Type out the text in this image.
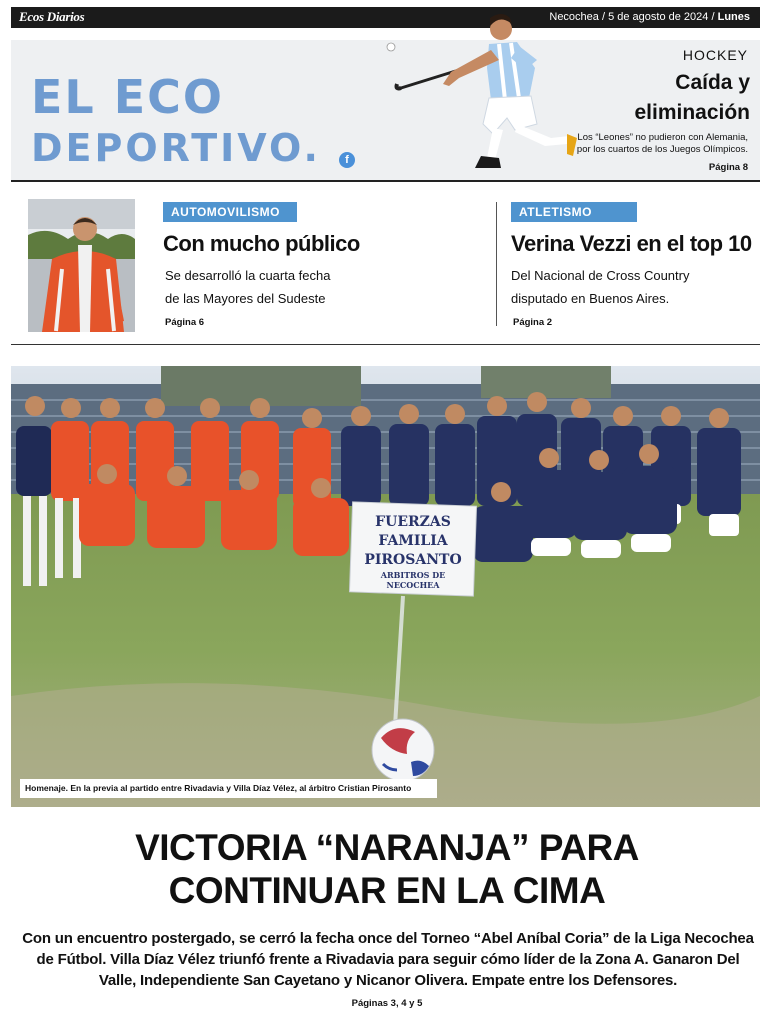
Ecos Diarios	Necochea / 5 de agosto de 2024 / Lunes
EL ECO
DEPORTIVO.	f
HOCKEY
Caída y
eliminación
Los “Leones” no pudieron con Alemania,
por los cuartos de los Juegos Olímpicos.
Página 8
AUTOMOVILISMO
Con mucho público
Se desarrolló la cuarta fecha
de las Mayores del Sudeste
Página 6
ATLETISMO
Verina Vezzi en el top 10
Del Nacional de Cross Country
disputado en Buenos Aires.
Página 2
FUERZAS
FAMILIA
PIROSANTO
ARBITROS DE
NECOCHEA
Homenaje. En la previa al partido entre Rivadavia y Villa Díaz Vélez, al árbitro Cristian Pirosanto
VICTORIA “NARANJA” PARA
CONTINUAR EN LA CIMA
Con un encuentro postergado, se cerró la fecha once del Torneo “Abel Aníbal Coria” de la Liga Necochea
de Fútbol. Villa Díaz Vélez triunfó frente a Rivadavia para seguir cómo líder de la Zona A. Ganaron Del
Valle, Independiente San Cayetano y Nicanor Olivera. Empate entre los Defensores.
Páginas 3, 4 y 5
